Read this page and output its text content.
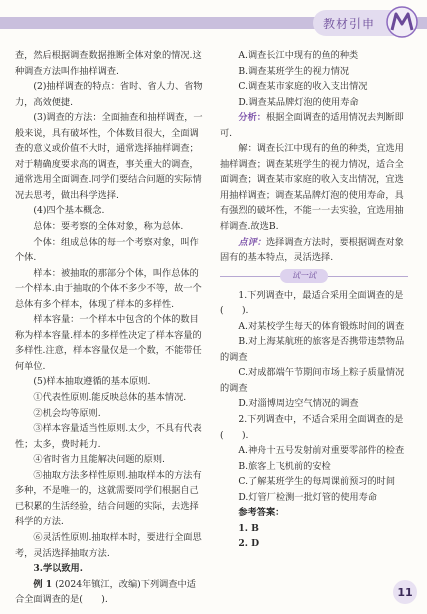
教材引申

查，然后根据调查数据推断全体对象的情况.这种调查方法叫作抽样调查.

(2)抽样调查的特点：省时、省人力、省物力，高效便捷.

(3)调查的方法：全面抽查和抽样调查，一般来说，具有破坏性，个体数目很大，全面调查的意义或价值不大时，通常选择抽样调查；对于精确度要求高的调查，事关重大的调查，通常选用全面调查.同学们要结合问题的实际情况去思考，做出科学选择.

(4)四个基本概念.

总体：要考察的全体对象，称为总体.

个体：组成总体的每一个考察对象，叫作个体.

样本：被抽取的那部分个体，叫作总体的一个样本.由于抽取的个体不多少不等，故一个总体有多个样本，体现了样本的多样性.

样本容量：一个样本中包含的个体的数目称为样本容量.样本的多样性决定了样本容量的多样性.注意，样本容量仅是一个数，不能带任何单位.

(5)样本抽取遵循的基本原则.

①代表性原则.能反映总体的基本情况.

②机会均等原则.

③样本容量适当性原则.太少，不具有代表性；太多，费时耗力.

④省时省力且能解决问题的原则.

⑤抽取方法多样性原则.抽取样本的方法有多种，不是唯一的，这就需要同学们根据自己已积累的生活经验，结合问题的实际，去选择科学的方法.

⑥灵活性原则.抽取样本时，要进行全面思考，灵活选择抽取方法.

3.学以致用.

例 1 (2024年镇江，改编)下列调查中适合全面调查的是(　　).

A.调查长江中现有的鱼的种类

B.调查某班学生的视力情况

C.调查某市家庭的收入支出情况

D.调查某品牌灯泡的使用寿命

分析：根据全面调查的适用情况去判断即可.

解：调查长江中现有的鱼的种类，宜选用抽样调查；调查某班学生的视力情况，适合全面调查；调查某市家庭的收入支出情况，宜选用抽样调查；调查某品牌灯泡的使用寿命，具有强烈的破坏性，不能一一去实验，宜选用抽样调查.故选B.

点评：选择调查方法时，要根据调查对象固有的基本特点，灵活选择.

试一试

1.下列调查中，最适合采用全面调查的是(　　).

A.对某校学生每天的体育锻炼时间的调查

B.对上海某航班的旅客是否携带违禁物品的调查

C.对成都端午节期间市场上粽子质量情况的调查

D.对淄博周边空气情况的调查

2.下列调查中，不适合采用全面调查的是(　　).

A.神舟十五号发射前对重要零部件的检查

B.旅客上飞机前的安检

C.了解某班学生的每周课前预习的时间

D.灯管厂检测一批灯管的使用寿命

参考答案：

1. B

2. D

11
